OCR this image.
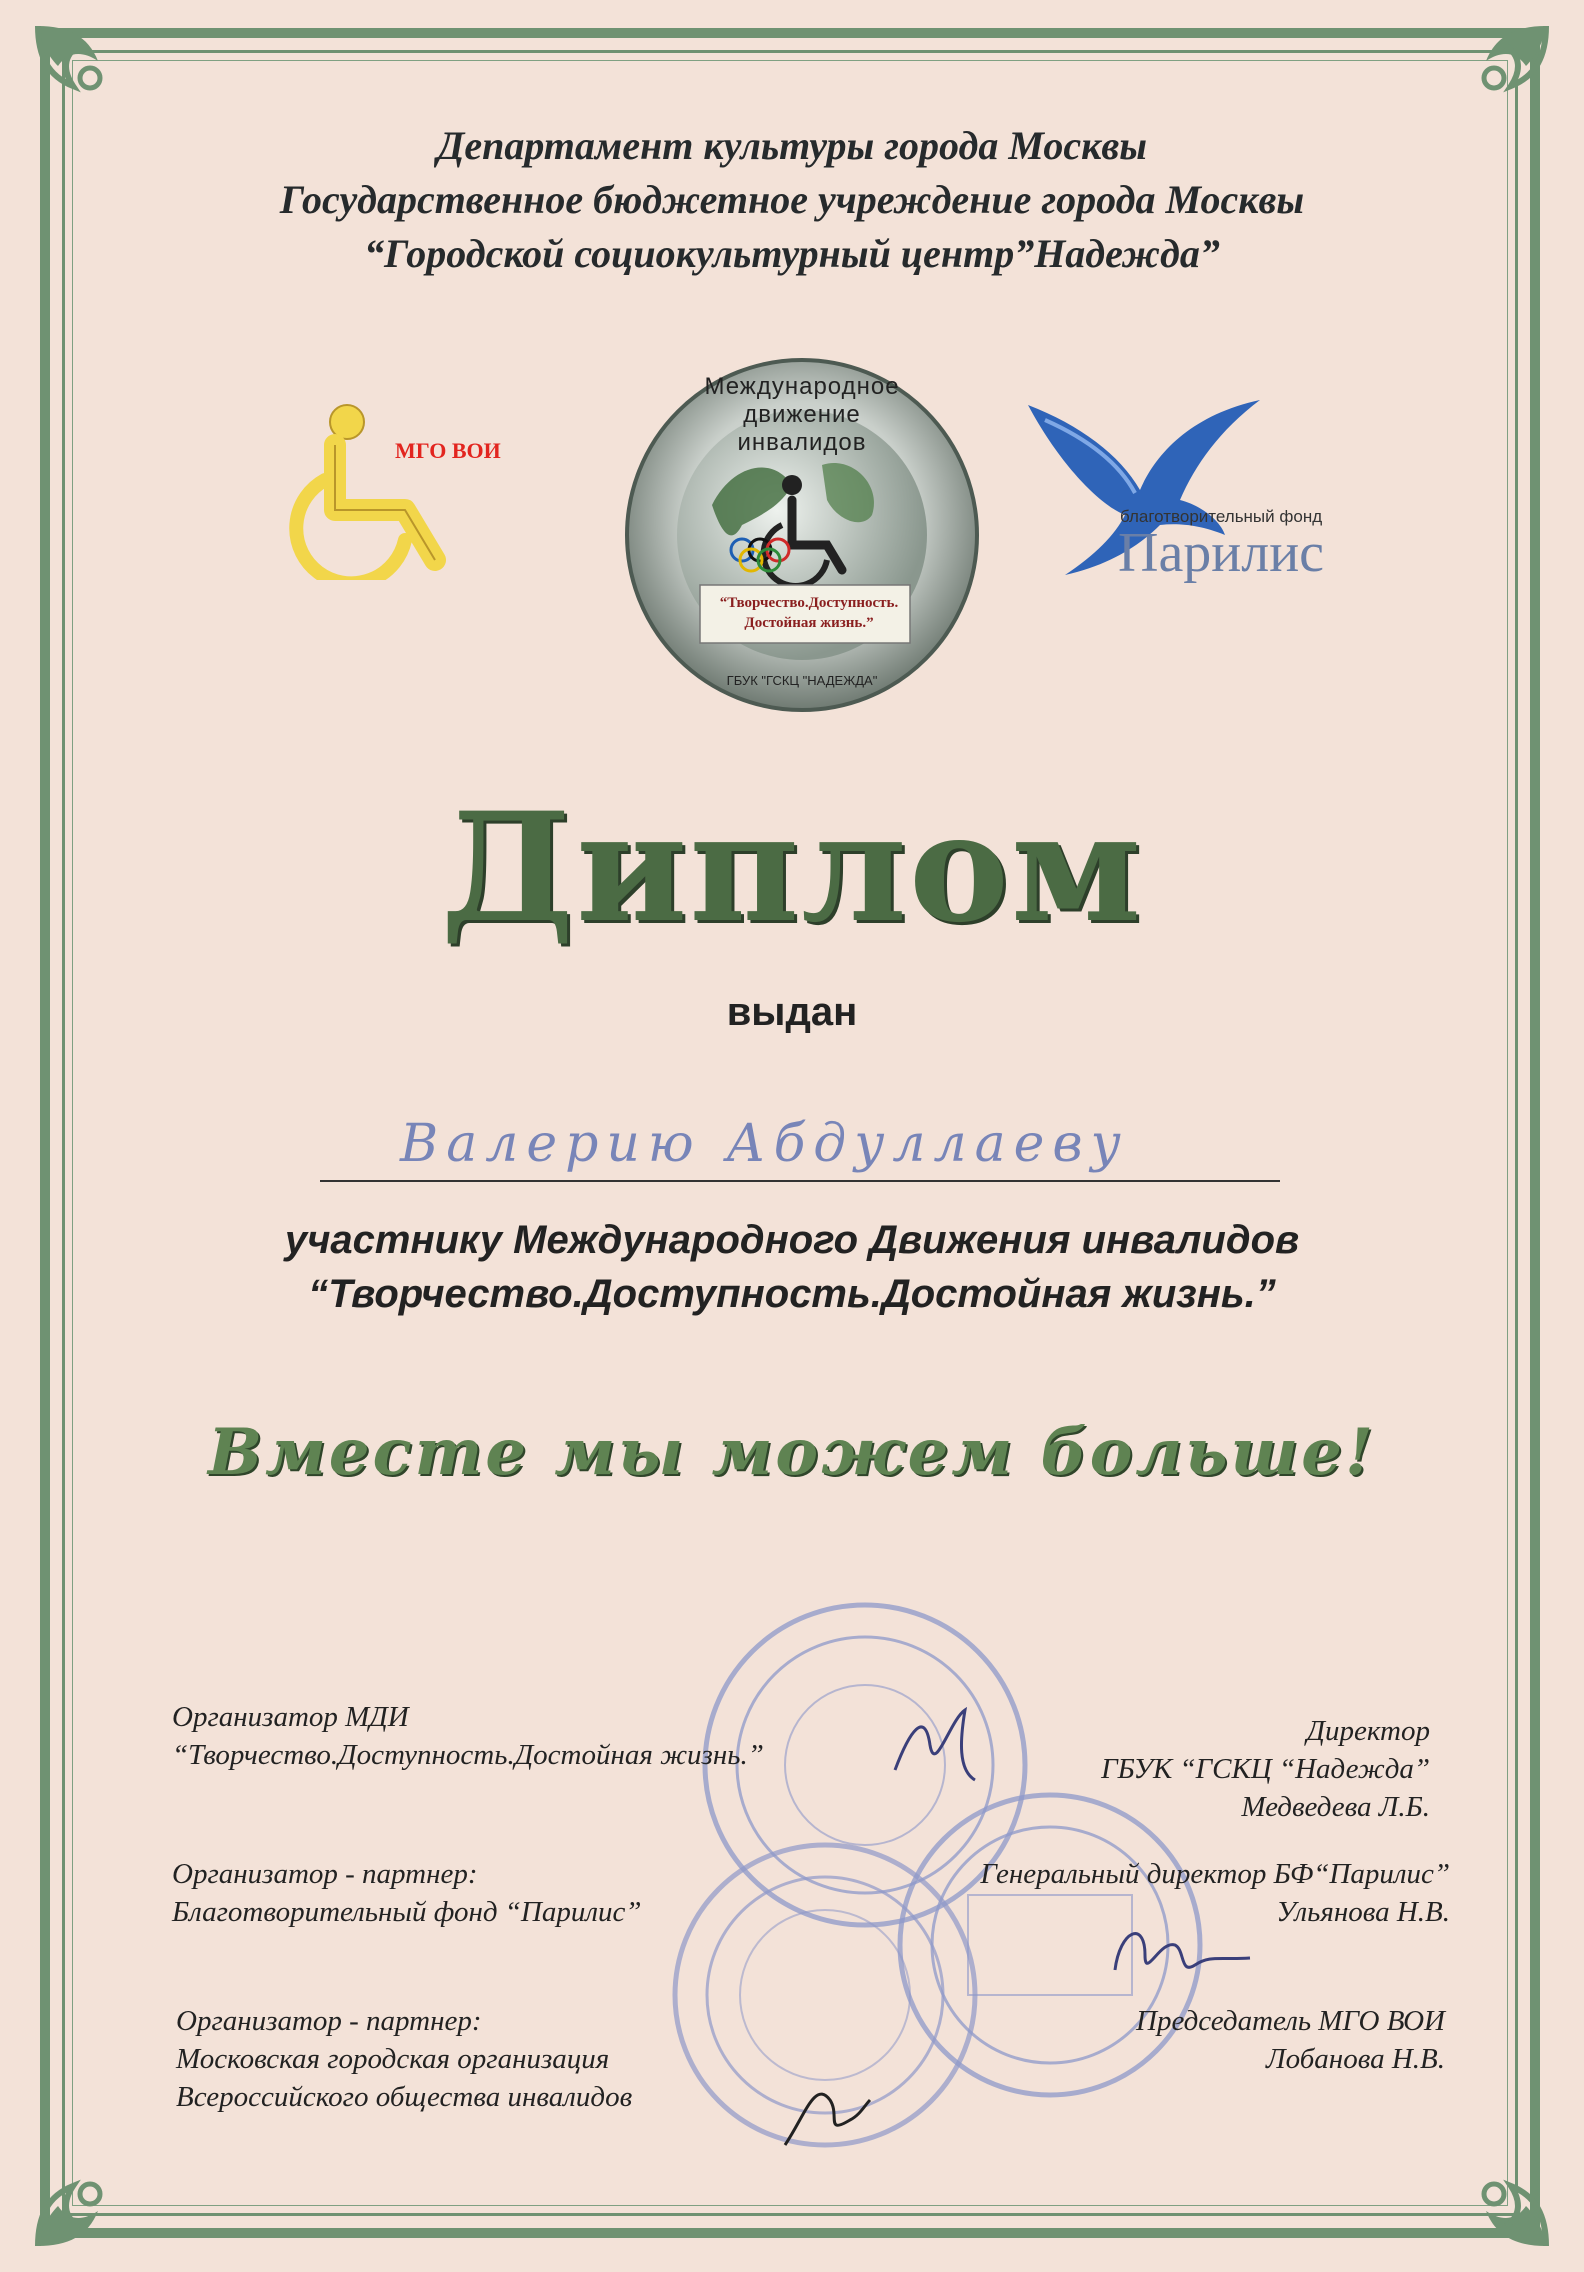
Департамент культуры города Москвы
Государственное бюджетное учреждение города Москвы
“Городской социокультурный центр”Надежда”
МГО ВОИ
Международное движение инвалидов
“Творчество.Доступность.
Достойная жизнь.”
ГБУК "ГСКЦ "НАДЕЖДА"
благотворительный фонд
Парилис
Диплом
выдан
Валерию Абдуллаеву
участнику Международного Движения инвалидов
“Творчество.Доступность.Достойная жизнь.”
Вместе мы можем больше!
Организатор МДИ
“Творчество.Доступность.Достойная жизнь.”
Директор
ГБУК “ГСКЦ “Надежда”
Медведева Л.Б.
Организатор - партнер:
Благотворительный фонд “Парилис”
Генеральный директор БФ“Парилис”
Ульянова Н.В.
Организатор - партнер:
Московская городская организация
Всероссийского общества инвалидов
Председатель МГО ВОИ
Лобанова Н.В.
